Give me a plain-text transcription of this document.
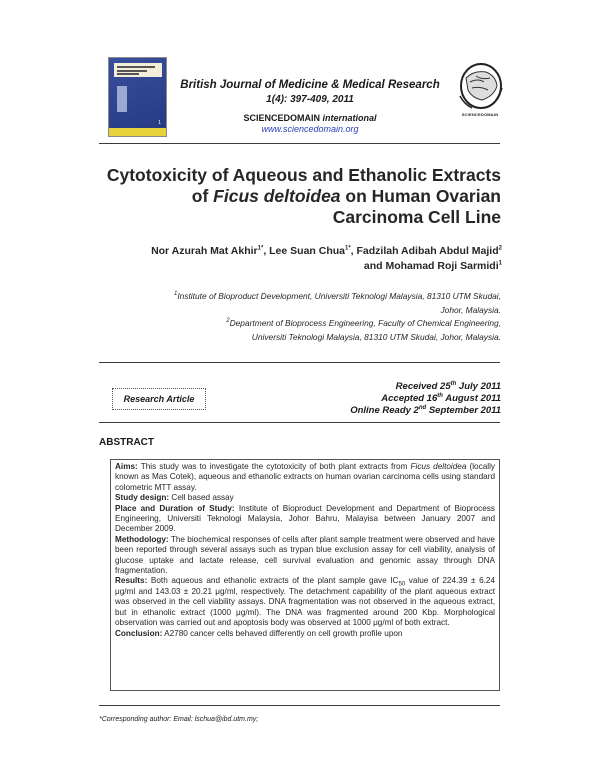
1
British Journal of Medicine & Medical Research
1(4): 397-409, 2011
SCIENCEDOMAIN international
www.sciencedomain.org
SCIENCEDOMAIN
Cytotoxicity of Aqueous and Ethanolic Extracts
of Ficus deltoidea on Human Ovarian
Carcinoma Cell Line
Nor Azurah Mat Akhir$^{1*}$, Lee Suan Chua$^{1*}$, Fadzilah Adibah Abdul Majid$^2$
and Mohamad Roji Sarmidi$^1$
$^1$Institute of Bioproduct Development, Universiti Teknologi Malaysia, 81310 UTM Skudai,
Johor, Malaysia.
$^2$Department of Bioprocess Engineering, Faculty of Chemical Engineering,
Universiti Teknologi Malaysia, 81310 UTM Skudai, Johor, Malaysia.
Research Article
Received 25th July 2011
Accepted 16th August 2011
Online Ready 2nd September 2011
ABSTRACT

Aims: This study was to investigate the cytotoxicity of both plant extracts from Ficus deltoidea (locally known as Mas Cotek), aqueous and ethanolic extracts on human ovarian carcinoma cells using standard colometric MTT assay.

Study design: Cell based assay

Place and Duration of Study: Institute of Bioproduct Development and Department of Bioprocess Engineering, Universiti Teknologi Malaysia, Johor Bahru, Malayisa between January 2007 and December 2009.

Methodology: The biochemical responses of cells after plant sample treatment were observed and have been reported through several assays such as trypan blue exclusion assay for cell viability, analysis of glucose uptake and lactate release, cell survival evaluation and genomic assay through DNA fragmentation.

Results: Both aqueous and ethanolic extracts of the plant sample gave $IC_{50}$ value of 224.39 ± 6.24 μg/ml and 143.03 ± 20.21 μg/ml, respectively. The detachment capability of the plant aqueous extract was observed in the cell viability assays. DNA fragmentation was not observed in the aqueous extract, but in ethanolic extract (1000 μg/ml). The DNA was fragmented around 200 Kbp. Morphological observation was carried out and apoptosis body was observed at 1000 μg/ml of both extract.

Conclusion: A2780 cancer cells behaved differently on cell growth profile upon

*Corresponding author: Email: lschua@ibd.utm.my;
